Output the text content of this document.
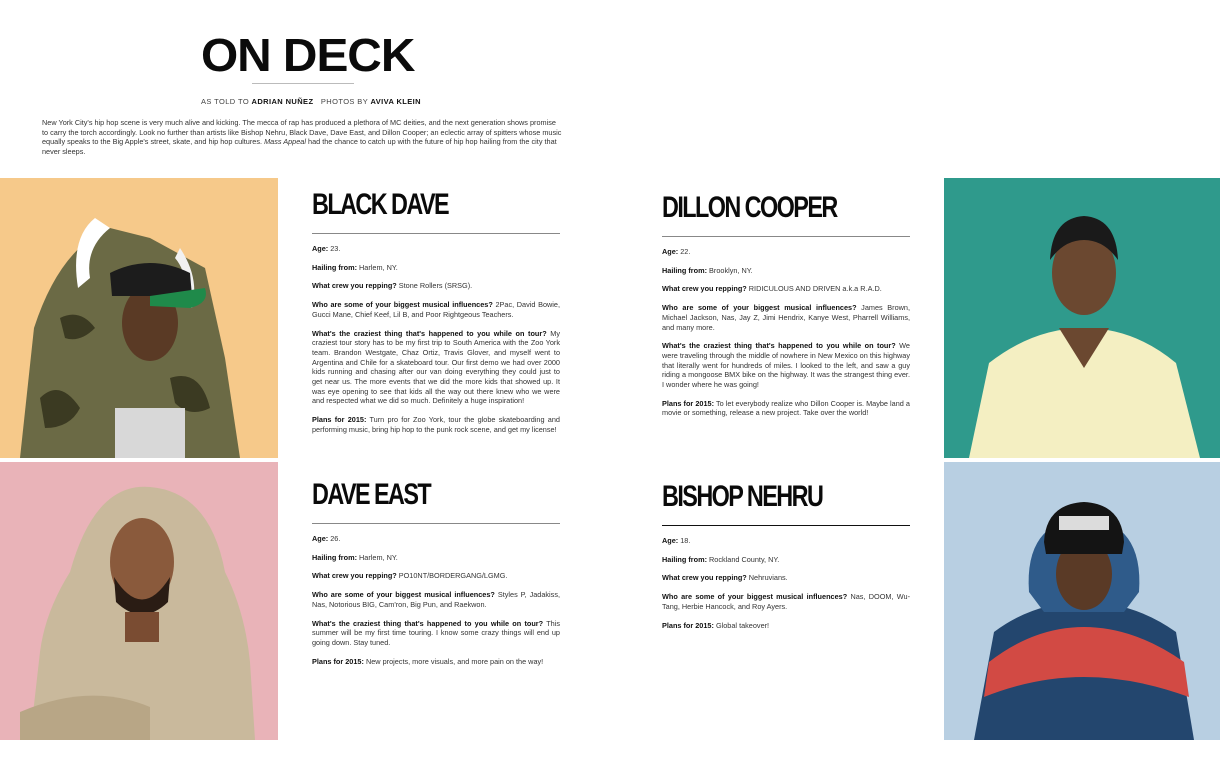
ON DECK
AS TOLD TO ADRIAN NUÑEZ PHOTOS BY AVIVA KLEIN

New York City's hip hop scene is very much alive and kicking. The mecca of rap has produced a plethora of MC deities, and the next generation shows promise to carry the torch accordingly. Look no further than artists like Bishop Nehru, Black Dave, Dave East, and Dillon Cooper; an eclectic array of spitters whose music equally speaks to the Big Apple's street, skate, and hip hop cultures. Mass Appeal had the chance to catch up with the future of hip hop hailing from the city that never sleeps.

BLACK DAVE

Age: 23.

Hailing from: Harlem, NY.

What crew you repping? Stone Rollers (SRSG).

Who are some of your biggest musical influences? 2Pac, David Bowie, Gucci Mane, Chief Keef, Lil B, and Poor Rightgeous Teachers.

What's the craziest thing that's happened to you while on tour? My craziest tour story has to be my first trip to South America with the Zoo York team. Brandon Westgate, Chaz Ortiz, Travis Glover, and myself went to Argentina and Chile for a skateboard tour. Our first demo we had over 2000 kids running and chasing after our van doing everything they could just to get near us. The more events that we did the more kids that showed up. It was eye opening to see that kids all the way out there knew who we were and respected what we did so much. Definitely a huge inspiration!

Plans for 2015: Turn pro for Zoo York, tour the globe skateboarding and performing music, bring hip hop to the punk rock scene, and get my license!

DILLON COOPER

Age: 22.

Hailing from: Brooklyn, NY.

What crew you repping? RIDICULOUS AND DRIVEN a.k.a R.A.D.

Who are some of your biggest musical influences? James Brown, Michael Jackson, Nas, Jay Z, Jimi Hendrix, Kanye West, Pharrell Williams, and many more.

What's the craziest thing that's happened to you while on tour? We were traveling through the middle of nowhere in New Mexico on this highway that literally went for hundreds of miles. I looked to the left, and saw a guy riding a mongoose BMX bike on the highway. It was the strangest thing ever. I wonder where he was going!

Plans for 2015: To let everybody realize who Dillon Cooper is. Maybe land a movie or something, release a new project. Take over the world!

DAVE EAST

Age: 26.

Hailing from: Harlem, NY.

What crew you repping? PO10NT/BORDERGANG/LGMG.

Who are some of your biggest musical influences? Styles P, Jadakiss, Nas, Notorious BIG, Cam'ron, Big Pun, and Raekwon.

What's the craziest thing that's happened to you while on tour? This summer will be my first time touring. I know some crazy things will end up going down. Stay tuned.

Plans for 2015: New projects, more visuals, and more pain on the way!

BISHOP NEHRU

Age: 18.

Hailing from: Rockland County, NY.

What crew you repping? Nehruvians.

Who are some of your biggest musical influences? Nas, DOOM, Wu-Tang, Herbie Hancock, and Roy Ayers.

Plans for 2015: Global takeover!
